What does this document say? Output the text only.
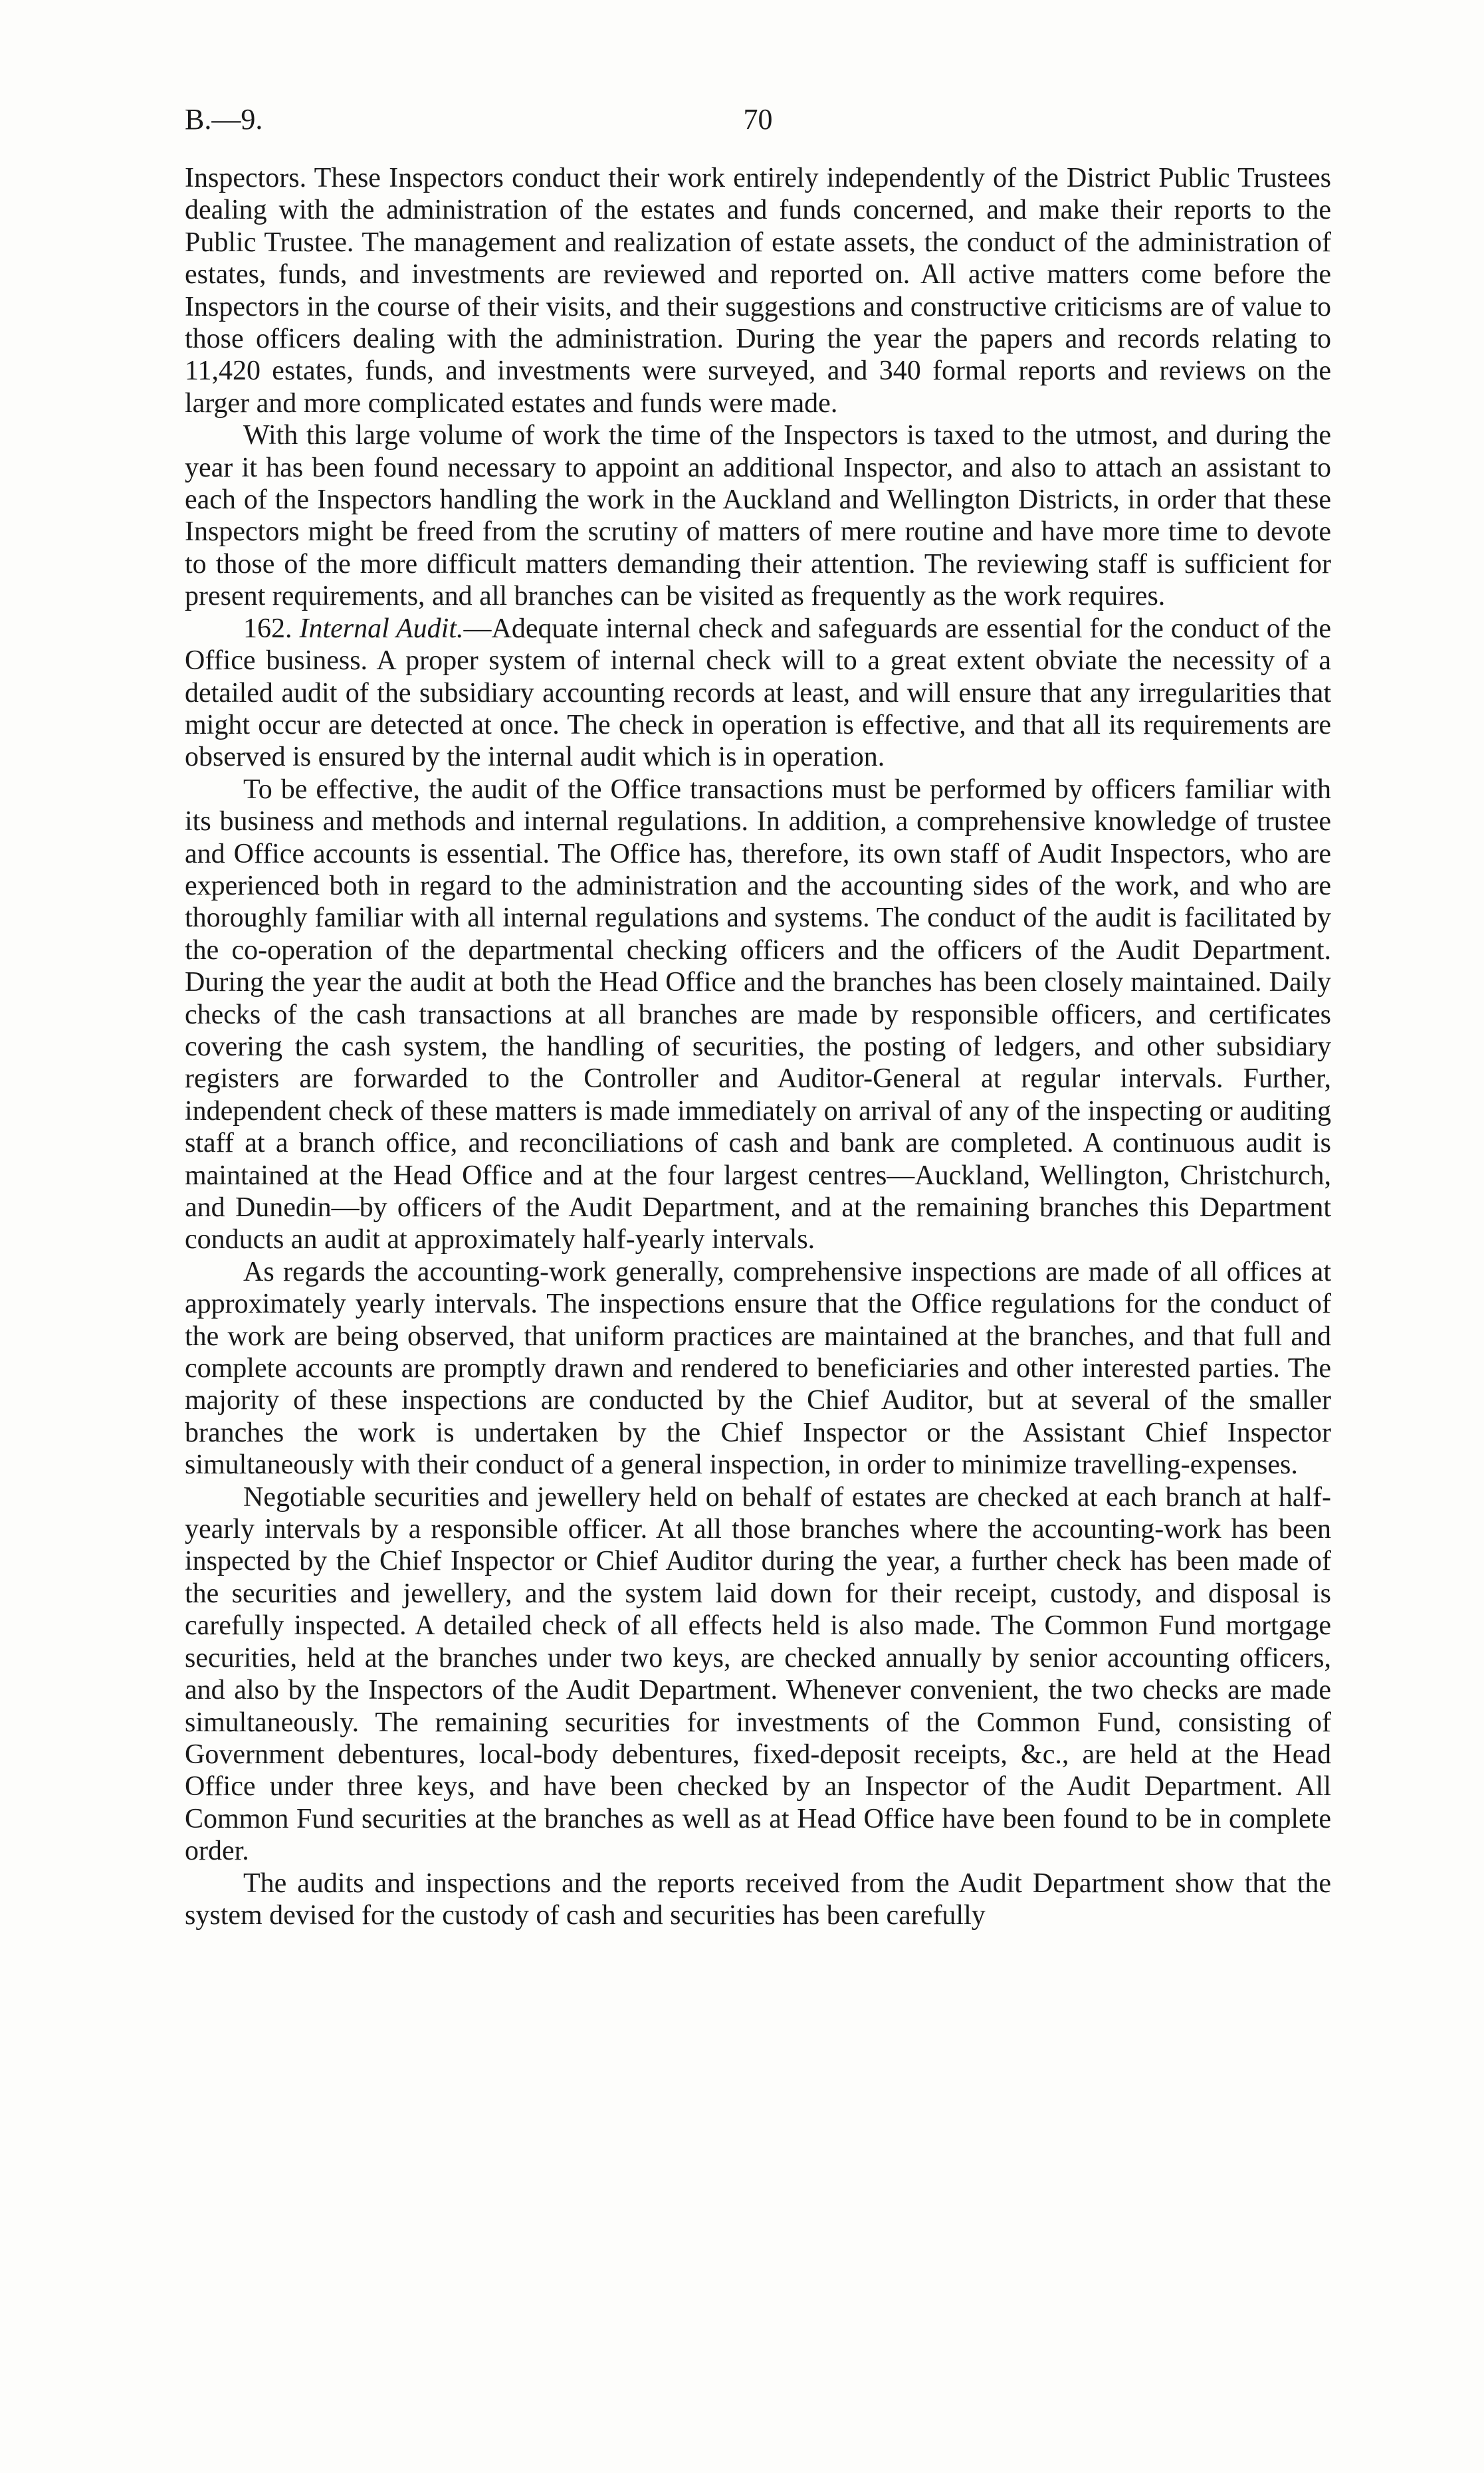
B.—9.	70

Inspectors. These Inspectors conduct their work entirely independently of the District Public Trustees dealing with the administration of the estates and funds concerned, and make their reports to the Public Trustee. The management and realization of estate assets, the conduct of the administration of estates, funds, and investments are reviewed and reported on. All active matters come before the Inspectors in the course of their visits, and their suggestions and constructive criticisms are of value to those officers dealing with the administration. During the year the papers and records relating to 11,420 estates, funds, and investments were surveyed, and 340 formal reports and reviews on the larger and more complicated estates and funds were made.

With this large volume of work the time of the Inspectors is taxed to the utmost, and during the year it has been found necessary to appoint an additional Inspector, and also to attach an assistant to each of the Inspectors handling the work in the Auckland and Wellington Districts, in order that these Inspectors might be freed from the scrutiny of matters of mere routine and have more time to devote to those of the more difficult matters demanding their attention. The reviewing staff is sufficient for present requirements, and all branches can be visited as frequently as the work requires.

162. Internal Audit.—Adequate internal check and safeguards are essential for the conduct of the Office business. A proper system of internal check will to a great extent obviate the necessity of a detailed audit of the subsidiary accounting records at least, and will ensure that any irregularities that might occur are detected at once. The check in operation is effective, and that all its requirements are observed is ensured by the internal audit which is in operation.

To be effective, the audit of the Office transactions must be performed by officers familiar with its business and methods and internal regulations. In addition, a comprehensive knowledge of trustee and Office accounts is essential. The Office has, therefore, its own staff of Audit Inspectors, who are experienced both in regard to the administration and the accounting sides of the work, and who are thoroughly familiar with all internal regulations and systems. The conduct of the audit is facilitated by the co-operation of the departmental checking officers and the officers of the Audit Department. During the year the audit at both the Head Office and the branches has been closely maintained. Daily checks of the cash transactions at all branches are made by responsible officers, and certificates covering the cash system, the handling of securities, the posting of ledgers, and other subsidiary registers are forwarded to the Controller and Auditor-General at regular intervals. Further, independent check of these matters is made immediately on arrival of any of the inspecting or auditing staff at a branch office, and reconciliations of cash and bank are completed. A continuous audit is maintained at the Head Office and at the four largest centres—Auckland, Wellington, Christchurch, and Dunedin—by officers of the Audit Department, and at the remaining branches this Department conducts an audit at approximately half-yearly intervals.

As regards the accounting-work generally, comprehensive inspections are made of all offices at approximately yearly intervals. The inspections ensure that the Office regulations for the conduct of the work are being observed, that uniform practices are maintained at the branches, and that full and complete accounts are promptly drawn and rendered to beneficiaries and other interested parties. The majority of these inspections are conducted by the Chief Auditor, but at several of the smaller branches the work is undertaken by the Chief Inspector or the Assistant Chief Inspector simultaneously with their conduct of a general inspection, in order to minimize travelling-expenses.

Negotiable securities and jewellery held on behalf of estates are checked at each branch at half-yearly intervals by a responsible officer. At all those branches where the accounting-work has been inspected by the Chief Inspector or Chief Auditor during the year, a further check has been made of the securities and jewellery, and the system laid down for their receipt, custody, and disposal is carefully inspected. A detailed check of all effects held is also made. The Common Fund mortgage securities, held at the branches under two keys, are checked annually by senior accounting officers, and also by the Inspectors of the Audit Department. Whenever convenient, the two checks are made simultaneously. The remaining securities for investments of the Common Fund, consisting of Government debentures, local-body debentures, fixed-deposit receipts, &c., are held at the Head Office under three keys, and have been checked by an Inspector of the Audit Department. All Common Fund securities at the branches as well as at Head Office have been found to be in complete order.

The audits and inspections and the reports received from the Audit Department show that the system devised for the custody of cash and securities has been carefully
